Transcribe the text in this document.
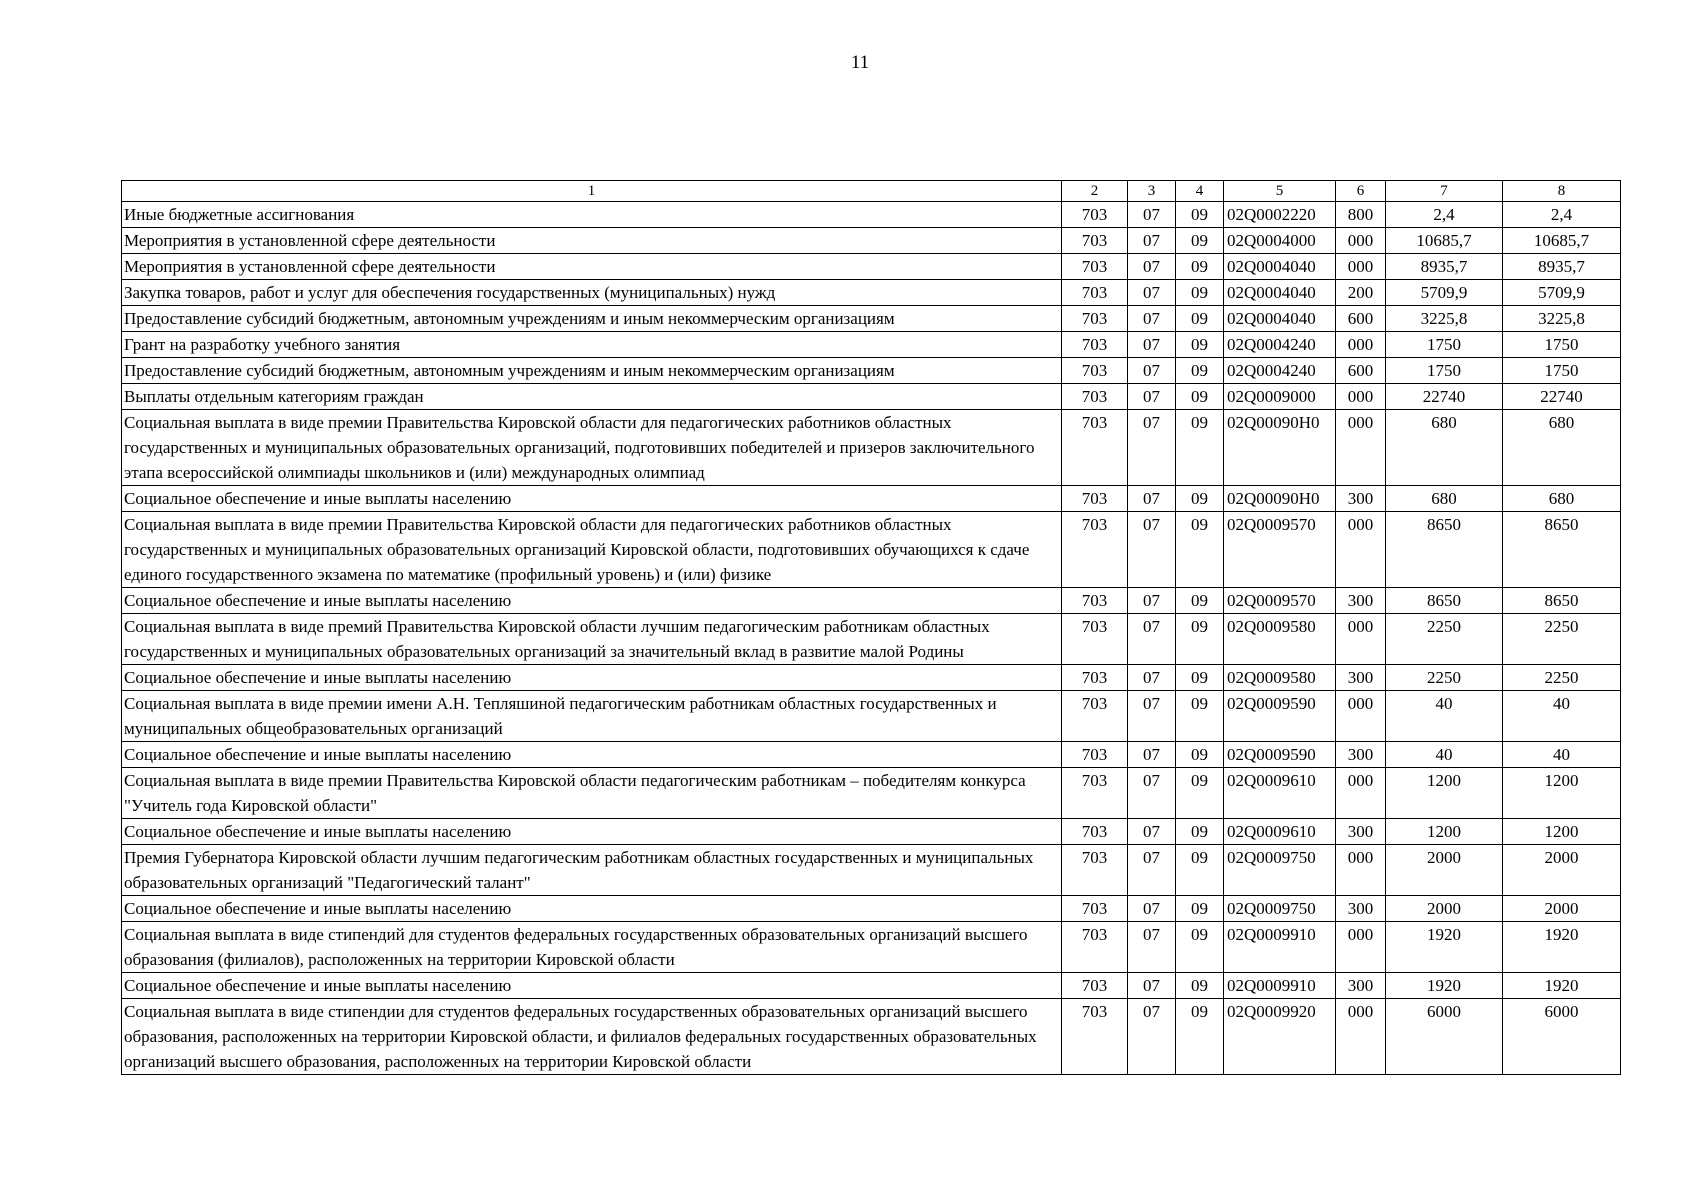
11
1	2	3	4	5	6	7	8
Иные бюджетные ассигнования	703	07	09	02Q0002220	800	2,4	2,4
Мероприятия в установленной сфере деятельности	703	07	09	02Q0004000	000	10685,7	10685,7
Мероприятия в установленной сфере деятельности	703	07	09	02Q0004040	000	8935,7	8935,7
Закупка товаров, работ и услуг для обеспечения государственных (муниципальных) нужд	703	07	09	02Q0004040	200	5709,9	5709,9
Предоставление субсидий бюджетным, автономным учреждениям и иным некоммерческим организациям	703	07	09	02Q0004040	600	3225,8	3225,8
Грант на разработку учебного занятия	703	07	09	02Q0004240	000	1750	1750
Предоставление субсидий бюджетным, автономным учреждениям и иным некоммерческим организациям	703	07	09	02Q0004240	600	1750	1750
Выплаты отдельным категориям граждан	703	07	09	02Q0009000	000	22740	22740
Социальная выплата в виде премии Правительства Кировской области для педагогических работников областных государственных и муниципальных образовательных организаций, подготовивших победителей и призеров заключительного этапа всероссийской олимпиады школьников и (или) международных олимпиад	703	07	09	02Q00090H0	000	680	680
Социальное обеспечение и иные выплаты населению	703	07	09	02Q00090H0	300	680	680
Социальная выплата в виде премии Правительства Кировской области для педагогических работников областных государственных и муниципальных образовательных организаций Кировской области, подготовивших обучающихся к сдаче единого государственного экзамена по математике (профильный уровень) и (или) физике	703	07	09	02Q0009570	000	8650	8650
Социальное обеспечение и иные выплаты населению	703	07	09	02Q0009570	300	8650	8650
Социальная выплата в виде премий Правительства Кировской области лучшим педагогическим работникам областных государственных и муниципальных образовательных организаций за значительный вклад в развитие малой Родины	703	07	09	02Q0009580	000	2250	2250
Социальное обеспечение и иные выплаты населению	703	07	09	02Q0009580	300	2250	2250
Социальная выплата в виде премии имени А.Н. Тепляшиной педагогическим работникам областных государственных и муниципальных общеобразовательных организаций	703	07	09	02Q0009590	000	40	40
Социальное обеспечение и иные выплаты населению	703	07	09	02Q0009590	300	40	40
Социальная выплата в виде премии Правительства Кировской области педагогическим работникам – победителям конкурса "Учитель года Кировской области"	703	07	09	02Q0009610	000	1200	1200
Социальное обеспечение и иные выплаты населению	703	07	09	02Q0009610	300	1200	1200
Премия Губернатора Кировской области лучшим педагогическим работникам областных государственных и муниципальных образовательных организаций "Педагогический талант"	703	07	09	02Q0009750	000	2000	2000
Социальное обеспечение и иные выплаты населению	703	07	09	02Q0009750	300	2000	2000
Социальная выплата в виде стипендий для студентов федеральных государственных образовательных организаций высшего образования (филиалов), расположенных на территории Кировской области	703	07	09	02Q0009910	000	1920	1920
Социальное обеспечение и иные выплаты населению	703	07	09	02Q0009910	300	1920	1920
Социальная выплата в виде стипендии для студентов федеральных государственных образовательных организаций высшего образования, расположенных на территории Кировской области, и филиалов федеральных государственных образовательных организаций высшего образования, расположенных на территории Кировской области	703	07	09	02Q0009920	000	6000	6000
